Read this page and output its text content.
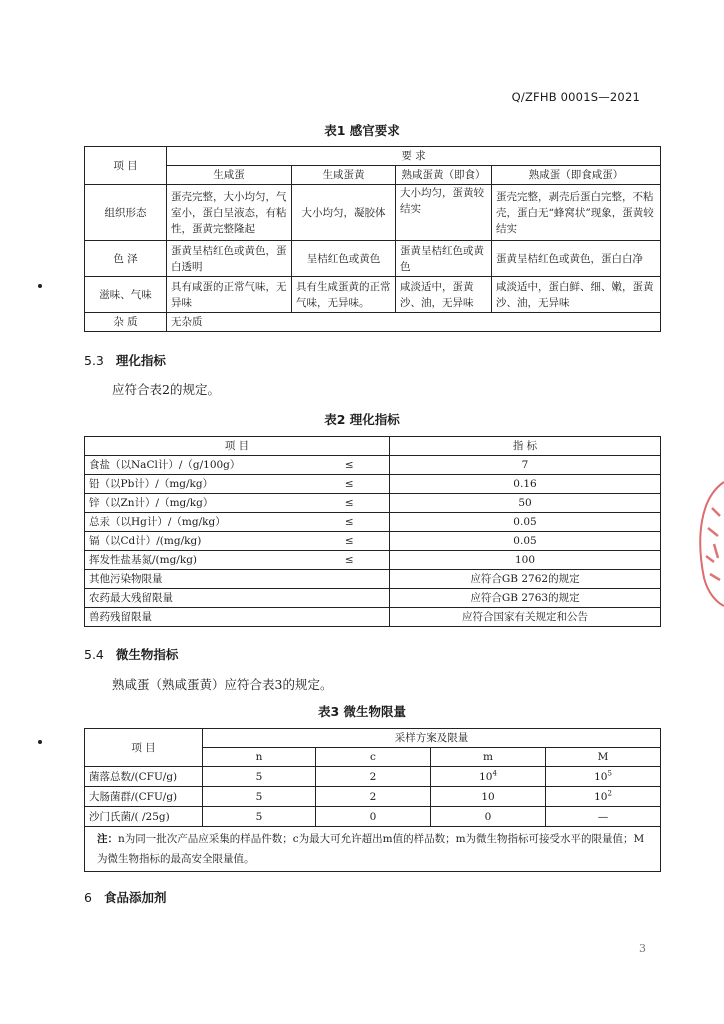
Q/ZFHB 0001S—2021
表1 感官要求
项 目	要 求			
	生咸蛋	生咸蛋黄	熟咸蛋黄（即食）	熟咸蛋（即食咸蛋）
组织形态	蛋壳完整，大小均匀，气室小，蛋白呈液态，有粘性，蛋黄完整隆起	大小均匀，凝胶体	大小均匀，蛋黄较结实	蛋壳完整，剥壳后蛋白完整，不粘壳，蛋白无“蜂窝状”现象，蛋黄较结实
色 泽	蛋黄呈桔红色或黄色，蛋白透明	呈桔红色或黄色	蛋黄呈桔红色或黄色	蛋黄呈桔红色或黄色，蛋白白净
滋味、气味	具有咸蛋的正常气味，无异味	具有生咸蛋黄的正常气味，无异味。	咸淡适中，蛋黄沙、油，无异味	咸淡适中，蛋白鲜、细、嫩，蛋黄沙、油，无异味
杂 质	无杂质			
5.3 理化指标
应符合表2的规定。
表2 理化指标
项 目		指 标
食盐（以NaCl计）/（g/100g）	≤	7
铅（以Pb计）/（mg/kg）	≤	0.16
锌（以Zn计）/（mg/kg）	≤	50
总汞（以Hg计）/（mg/kg）	≤	0.05
镉（以Cd计）/(mg/kg)	≤	0.05
挥发性盐基氮/(mg/kg)	≤	100
其他污染物限量		应符合GB 2762的规定
农药最大残留限量		应符合GB 2763的规定
兽药残留限量		应符合国家有关规定和公告
5.4 微生物指标
熟咸蛋（熟咸蛋黄）应符合表3的规定。
表3 微生物限量
项 目	采样方案及限量			
	n	c	m	M
菌落总数/(CFU/g)	5	2	$10^4$	$10^5$
大肠菌群/(CFU/g)	5	2	10	$10^2$
沙门氏菌/( /25g)	5	0	0	—
注：n为同一批次产品应采集的样品件数；c为最大可允许超出m值的样品数；m为微生物指标可接受水平的限量值；M为微生物指标的最高安全限量值。				
6 食品添加剂
3
